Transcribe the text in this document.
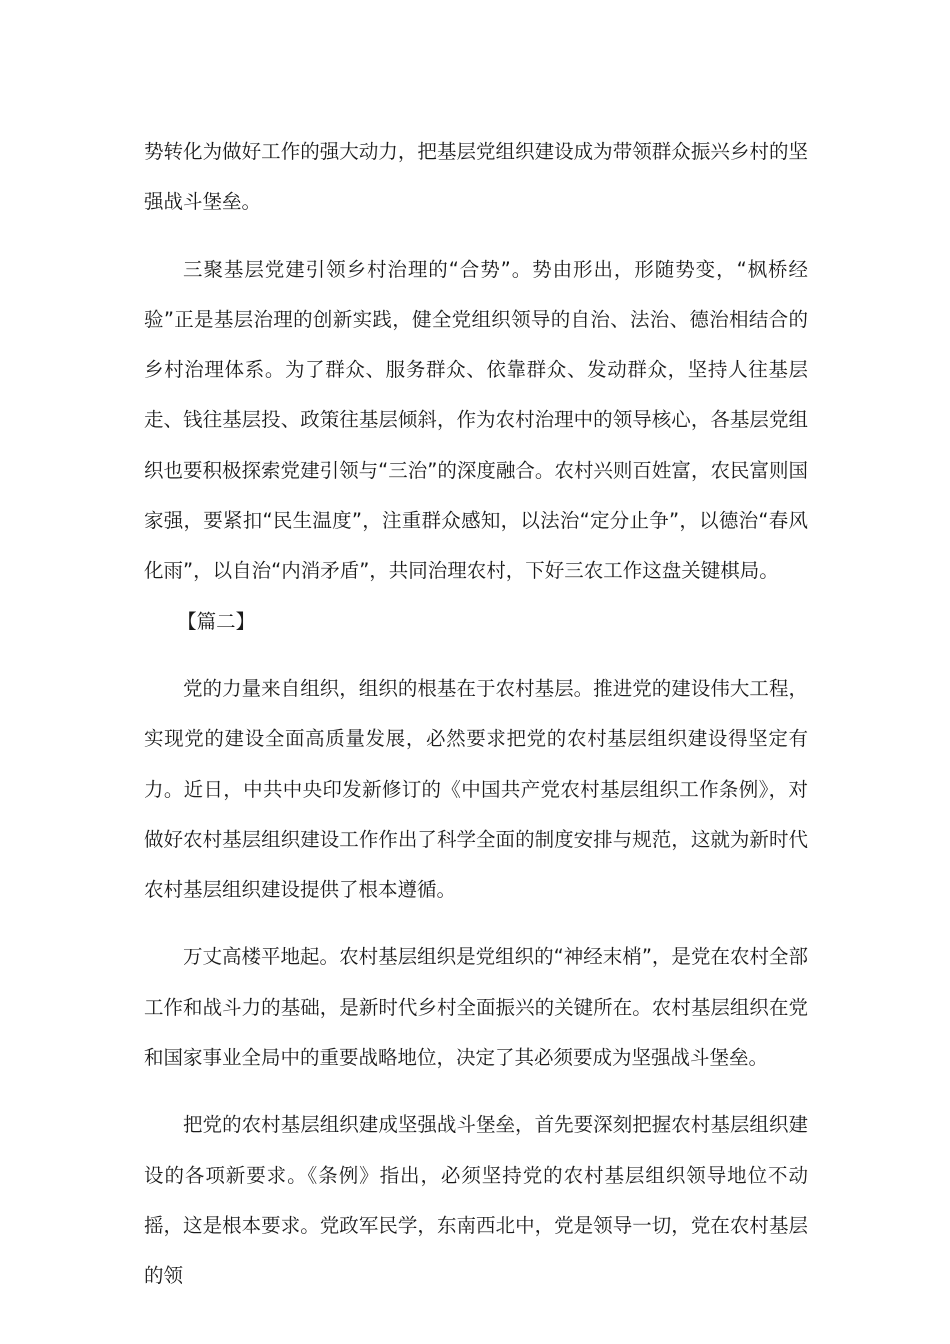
势转化为做好工作的强大动力，把基层党组织建设成为带领群众振兴乡村的坚强战斗堡垒。

三聚基层党建引领乡村治理的“合势”。势由形出，形随势变，“枫桥经验”正是基层治理的创新实践，健全党组织领导的自治、法治、德治相结合的乡村治理体系。为了群众、服务群众、依靠群众、发动群众，坚持人往基层走、钱往基层投、政策往基层倾斜，作为农村治理中的领导核心，各基层党组织也要积极探索党建引领与“三治”的深度融合。农村兴则百姓富，农民富则国家强，要紧扣“民生温度”，注重群众感知，以法治“定分止争”，以德治“春风化雨”，以自治“内消矛盾”，共同治理农村，下好三农工作这盘关键棋局。

【篇二】

党的力量来自组织，组织的根基在于农村基层。推进党的建设伟大工程，实现党的建设全面高质量发展，必然要求把党的农村基层组织建设得坚定有力。近日，中共中央印发新修订的《中国共产党农村基层组织工作条例》，对做好农村基层组织建设工作作出了科学全面的制度安排与规范，这就为新时代农村基层组织建设提供了根本遵循。

万丈高楼平地起。农村基层组织是党组织的“神经末梢”，是党在农村全部工作和战斗力的基础，是新时代乡村全面振兴的关键所在。农村基层组织在党和国家事业全局中的重要战略地位，决定了其必须要成为坚强战斗堡垒。

把党的农村基层组织建成坚强战斗堡垒，首先要深刻把握农村基层组织建设的各项新要求。《条例》指出，必须坚持党的农村基层组织领导地位不动摇，这是根本要求。党政军民学，东南西北中，党是领导一切，党在农村基层的领
